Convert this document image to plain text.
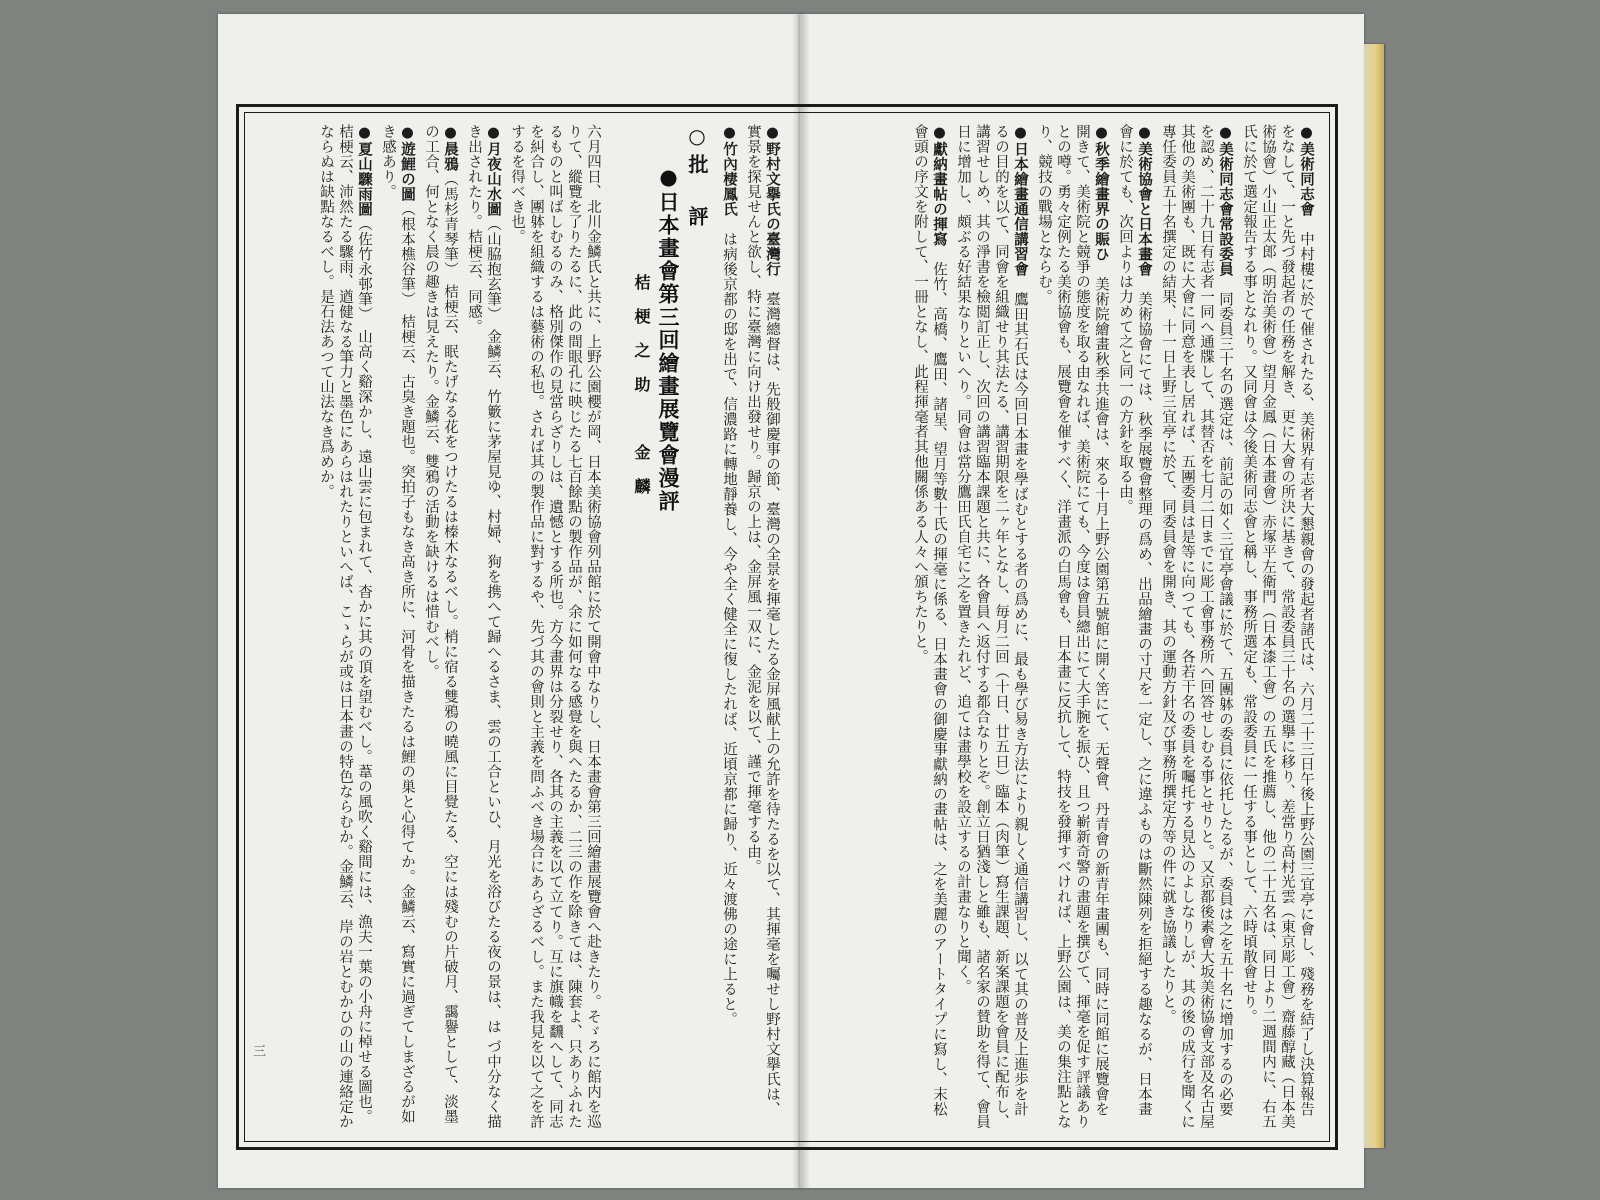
●美術同志會　中村樓に於て催されたる、美術界有志者大懇親會の發起者諸氏は、六月二十三日午後上野公園三宜亭に會し、殘務を結了し決算報告をなして、一と先づ發起者の任務を解き、更に大會の所決に基きて、常設委員三十名の選擧に移り、差當り高村光雲（東京彫工會）齋藤醇藏（日本美術協會）小山正太郎（明治美術會）望月金鳳（日本畫會）赤塚平左衛門（日本漆工會）の五氏を推薦し、他の二十五名は、同日より二週間内に、右五氏に於て選定報告する事となれり。又同會は今後美術同志會と稱し、事務所選定も、常設委員に一任する事として、六時頃散會せり。

●美術同志會常設委員　同委員三十名の選定は、前記の如く三宜亭會議に於て、五團躰の委員に依托したるが、委員は之を五十名に增加するの必要を認め、二十九日有志者一同へ通牒して、其替否を七月二日までに彫工會事務所へ回答せしむる事とせりと。又京都後素會大坂美術協會支部及名古屋其他の美術團も、既に大會に同意を表し居れば、五團委員は是等に向つても、各若干名の委員を囑托する見込のよしなりしが、其の後の成行を聞くに專任委員五十名撰定の結果、十一日上野三宜亭に於て、同委員會を開き、其の運動方針及び事務所撰定方等の件に就き協議したりと。

●美術協會と日本畫會　美術協會にては、秋季展覽會整理の爲め、出品繪畫の寸尺を一定し、之に違ふものは斷然陳列を拒絕する趣なるが、日本畫會に於ても、次回よりは力めて之と同一の方針を取る由。

●秋季繪畫界の賑ひ　美術院繪畫秋季共進會は、來る十月上野公園第五號館に開く筈にて、无聲會、丹青會の新青年畫團も、同時に同館に展覽會を開きて、美術院と競爭の態度を取る由なれば、美術院にても、今度は會員總出にて大手腕を振ひ、且つ嶄新奇警の畫題を撰びて、揮毫を促す評議ありとの噂。勇々定例たる美術協會も、展覽會を催すべく、洋畫派の白馬會も、日本畫に反抗して、特技を發揮すべければ、上野公園は、美の集注點となり、競技の戰場とならむ。

●日本繪畫通信講習會　鷹田其石氏は今回日本畫を學ばむとする者の爲めに、最も學び易き方法により親しく通信講習し、以て其の普及上進歩を計るの目的を以て、同會を組織せり其法たる、講習期限を二ヶ年となし、毎月二回（十日、廿五日）臨本（肉筆）寫生課題、新案課題を會員に配布し、講習せしめ、其の淨書を檢閲訂正し、次回の講習臨本課題と共に、各會員へ返付する都合なりとぞ。創立日猶淺しと雖も、諸名家の賛助を得て、會員日に增加し、頗ぶる好結果なりといへり。同會は當分鷹田氏自宅に之を置きたれど、追ては畫學校を設立するの計畫なりと聞く。

●獻納畫帖の揮寫　佐竹、高橋、鷹田、諸星、望月等數十氏の揮毫に係る、日本畫會の御慶事獻納の畫帖は、之を美麗のアートタイプに寫し、末松會頭の序文を附して、一冊となし、此程揮毫者其他關係ある人々へ頒ちたりと。

●野村文擧氏の臺灣行　臺灣總督は、先般御慶事の節、臺灣の全景を揮毫したる金屏風献上の允許を待たるを以て、其揮毫を囑せし野村文擧氏は、實景を探見せんと欲し、特に臺灣に向け出發せり。歸京の上は、金屏風一双に、金泥を以て、謹で揮毫する由。

●竹內棲鳳氏　は病後京都の邸を出で、信濃路に轉地靜養し、今や全く健全に復したれば、近頃京都に歸り、近々渡佛の途に上ると。

○批　評
●日本畫會第三回繪畫展覽會漫評
桔梗之助　金麟

六月四日、北川金鱗氏と共に、上野公園櫻が岡、日本美術協會列品館に於て開會中なりし、日本畫會第三回繪畫展覽會へ赴きたり。そゞろに館内を巡りて、縱覽を了りたるに、此の間眼孔に映じたる七百餘點の製作品が、余に如何なる感覺を與へたるか、二三の作を除きては、陳套よ、只ありふれたるものと叫ばしむるのみ、格別傑作の見當らざりしは、遺憾とする所也。方今畫界は分裂せり、各其の主義を以て立てり。互に旗幟を飜へして、同志を糾合し、團躰を組織するは藝術の私也。されば其の製作品に對するや、先づ其の會則と主義を問ふべき場合にあらざるべし。また我見を以て之を許するを得べき也。

●月夜山水圖（山脇抱玄筆）　金鱗云、竹籔に茅屋見ゆ、村婦、狗を携へて歸へるさま、雲の工合といひ、月光を浴びたる夜の景は、は づ中分なく描き出されたり。桔梗云、同感。

●晨鴉（馬杉青琴筆）　桔梗云、眠たげなる花をつけたるは榛木なるべし。梢に宿る雙鴉の曉風に目覺たる、空には殘むの片破月、靄譽として、淡墨の工合、何となく晨の趣きは見えたり。金鱗云、雙鴉の活動を缺けるは惜むべし。

●遊鯉の圖（根本樵谷筆）　桔梗云、古臭き題也。突拍子もなき高き所に、河骨を描きたるは鯉の巣と心得てか。金鱗云、寫實に過ぎてしまざるが如き感あり。

●夏山驟雨圖（佐竹永邨筆）　山高く谿深かし、遠山雲に包まれて、杳かに其の頂を望むべし。葦の風吹く谿間には、漁夫一葉の小舟に棹せる圖也。桔梗云、沛然たる驟雨、遒健なる筆力と墨色にあらはれたりといへば、こゝらが或は日本畫の特色ならむか。金鱗云、岸の岩とむかひの山の連絡定かならぬは缺點なるべし。是石法あつて山法なき爲めか。

三
